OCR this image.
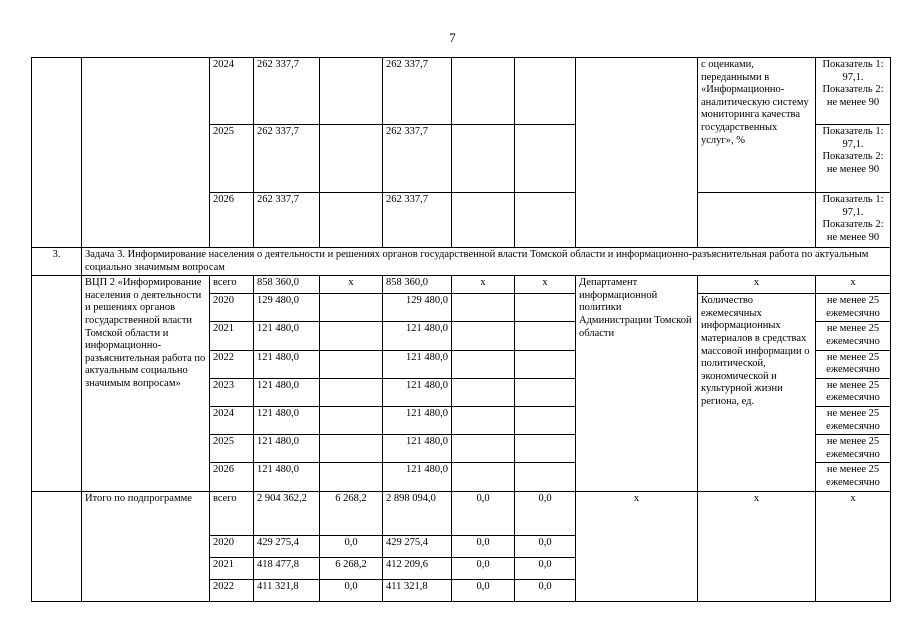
7
		2024	262 337,7		262 337,7				с оценками, переданными в «Информационно-аналитическую систему мониторинга качества государственных услуг», %	Показатель 1: 97,1. Показатель 2: не менее 90
		2025	262 337,7		262 337,7					Показатель 1: 97,1. Показатель 2: не менее 90
		2026	262 337,7		262 337,7					Показатель 1: 97,1. Показатель 2: не менее 90
3.	Задача 3. Информирование населения о деятельности и решениях органов государственной власти Томской области и информационно-разъяснительная работа по актуальным социально значимым вопросам									
	ВЦП 2 «Информирование населения о деятельности и решениях органов государственной власти Томской области и информационно-разъяснительная работа по актуальным социально значимым вопросам»	всего	858 360,0	х	858 360,0	х	х	Департамент информационной политики Администрации Томской области	х	х
		2020	129 480,0		129 480,0				Количество ежемесячных информационных материалов в средствах массовой информации о политической, экономической и культурной жизни региона, ед.	не менее 25 ежемесячно
		2021	121 480,0		121 480,0					не менее 25 ежемесячно
		2022	121 480,0		121 480,0					не менее 25 ежемесячно
		2023	121 480,0		121 480,0					не менее 25 ежемесячно
		2024	121 480,0		121 480,0					не менее 25 ежемесячно
		2025	121 480,0		121 480,0					не менее 25 ежемесячно
		2026	121 480,0		121 480,0					не менее 25 ежемесячно
	Итого по подпрограмме	всего	2 904 362,2	6 268,2	2 898 094,0	0,0	0,0	х	х	х
		2020	429 275,4	0,0	429 275,4	0,0	0,0			
		2021	418 477,8	6 268,2	412 209,6	0,0	0,0			
		2022	411 321,8	0,0	411 321,8	0,0	0,0			
